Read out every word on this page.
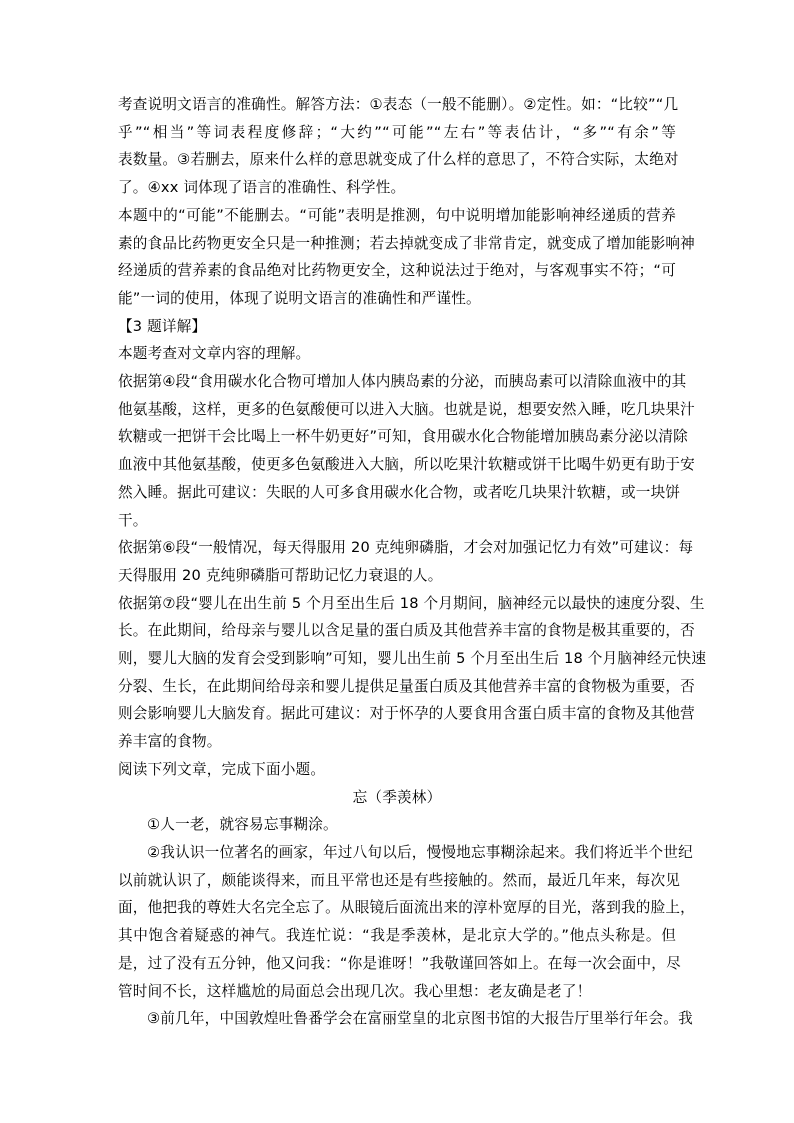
考查说明文语言的准确性。解答方法：①表态（一般不能删）。②定性。如：“比较”“几

乎”“相当”等词表程度修辞；“大约”“可能”“左右”等表估计，“多”“有余”等

表数量。③若删去，原来什么样的意思就变成了什么样的意思了，不符合实际，太绝对

了。④xx 词体现了语言的准确性、科学性。

本题中的“可能”不能删去。“可能”表明是推测，句中说明增加能影响神经递质的营养

素的食品比药物更安全只是一种推测；若去掉就变成了非常肯定，就变成了增加能影响神

经递质的营养素的食品绝对比药物更安全，这种说法过于绝对，与客观事实不符；“可

能”一词的使用，体现了说明文语言的准确性和严谨性。

【3 题详解】

本题考查对文章内容的理解。

依据第④段“食用碳水化合物可增加人体内胰岛素的分泌，而胰岛素可以清除血液中的其

他氨基酸，这样，更多的色氨酸便可以进入大脑。也就是说，想要安然入睡，吃几块果汁

软糖或一把饼干会比喝上一杯牛奶更好”可知，食用碳水化合物能增加胰岛素分泌以清除

血液中其他氨基酸，使更多色氨酸进入大脑，所以吃果汁软糖或饼干比喝牛奶更有助于安

然入睡。据此可建议：失眠的人可多食用碳水化合物，或者吃几块果汁软糖，或一块饼

干。

依据第⑥段“一般情况，每天得服用 20 克纯卵磷脂，才会对加强记忆力有效”可建议：每

天得服用 20 克纯卵磷脂可帮助记忆力衰退的人。

依据第⑦段“婴儿在出生前 5 个月至出生后 18 个月期间，脑神经元以最快的速度分裂、生

长。在此期间，给母亲与婴儿以含足量的蛋白质及其他营养丰富的食物是极其重要的，否

则，婴儿大脑的发育会受到影响”可知，婴儿出生前 5 个月至出生后 18 个月脑神经元快速

分裂、生长，在此期间给母亲和婴儿提供足量蛋白质及其他营养丰富的食物极为重要，否

则会影响婴儿大脑发育。据此可建议：对于怀孕的人要食用含蛋白质丰富的食物及其他营

养丰富的食物。

阅读下列文章，完成下面小题。

忘（季羡林）

①人一老，就容易忘事糊涂。

②我认识一位著名的画家，年过八旬以后，慢慢地忘事糊涂起来。我们将近半个世纪

以前就认识了，颇能谈得来，而且平常也还是有些接触的。然而，最近几年来，每次见

面，他把我的尊姓大名完全忘了。从眼镜后面流出来的淳朴宽厚的目光，落到我的脸上，

其中饱含着疑惑的神气。我连忙说：“我是季羡林，是北京大学的。”他点头称是。但

是，过了没有五分钟，他又问我：“你是谁呀！”我敬谨回答如上。在每一次会面中，尽

管时间不长，这样尴尬的局面总会出现几次。我心里想：老友确是老了！

③前几年，中国敦煌吐鲁番学会在富丽堂皇的北京图书馆的大报告厅里举行年会。我
